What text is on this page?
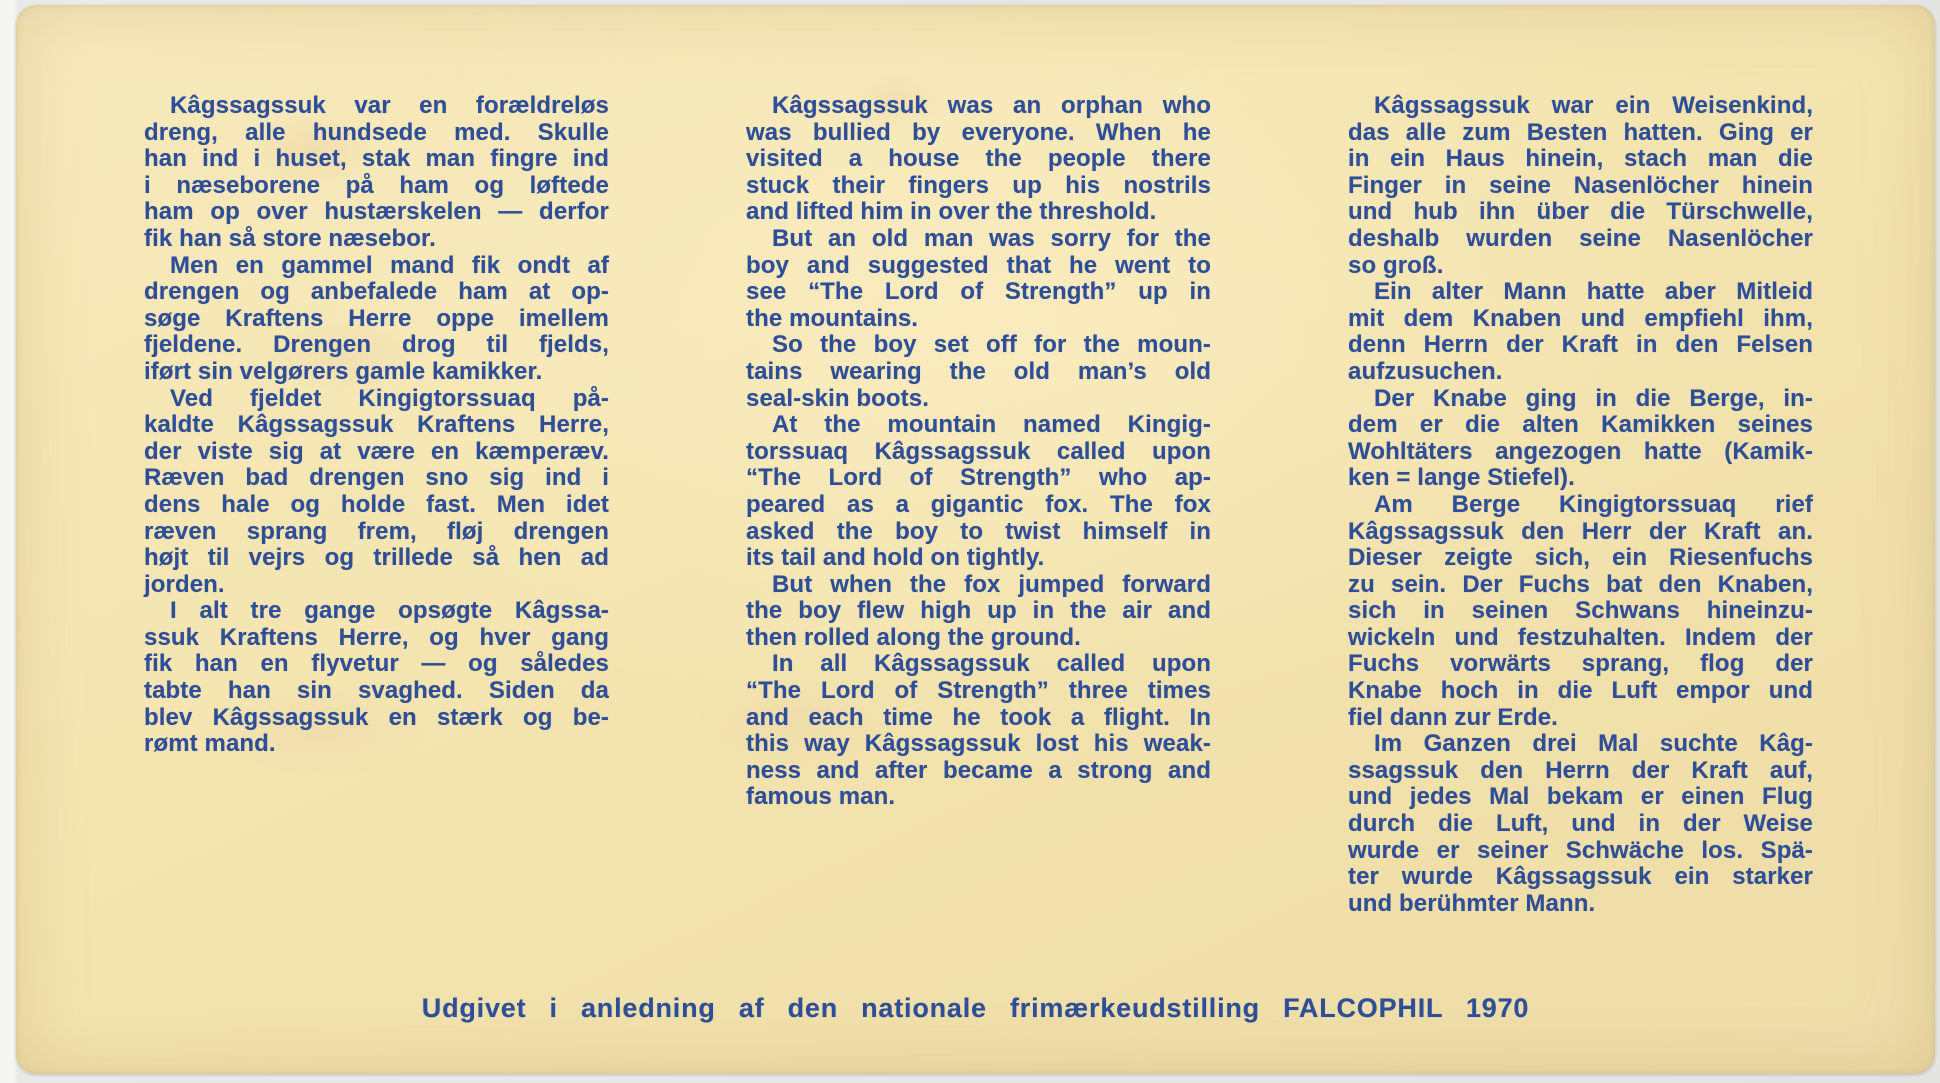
Kâgssagssuk var en forældreløs
dreng, alle hundsede med. Skulle
han ind i huset, stak man fingre ind
i næseborene på ham og løftede
ham op over hustærskelen — derfor
fik han så store næsebor.
Men en gammel mand fik ondt af
drengen og anbefalede ham at op-
søge Kraftens Herre oppe imellem
fjeldene. Drengen drog til fjelds,
iført sin velgørers gamle kamikker.
Ved fjeldet Kingigtorssuaq på-
kaldte Kâgssagssuk Kraftens Herre,
der viste sig at være en kæmperæv.
Ræven bad drengen sno sig ind i
dens hale og holde fast. Men idet
ræven sprang frem, fløj drengen
højt til vejrs og trillede så hen ad
jorden.
I alt tre gange opsøgte Kâgssa-
ssuk Kraftens Herre, og hver gang
fik han en flyvetur — og således
tabte han sin svaghed. Siden da
blev Kâgssagssuk en stærk og be-
rømt mand.
Kâgssagssuk was an orphan who
was bullied by everyone. When he
visited a house the people there
stuck their fingers up his nostrils
and lifted him in over the threshold.
But an old man was sorry for the
boy and suggested that he went to
see “The Lord of Strength” up in
the mountains.
So the boy set off for the moun-
tains wearing the old man’s old
seal-skin boots.
At the mountain named Kingig-
torssuaq Kâgssagssuk called upon
“The Lord of Strength” who ap-
peared as a gigantic fox. The fox
asked the boy to twist himself in
its tail and hold on tightly.
But when the fox jumped forward
the boy flew high up in the air and
then rolled along the ground.
In all Kâgssagssuk called upon
“The Lord of Strength” three times
and each time he took a flight. In
this way Kâgssagssuk lost his weak-
ness and after became a strong and
famous man.
Kâgssagssuk war ein Weisenkind,
das alle zum Besten hatten. Ging er
in ein Haus hinein, stach man die
Finger in seine Nasenlöcher hinein
und hub ihn über die Türschwelle,
deshalb wurden seine Nasenlöcher
so groß.
Ein alter Mann hatte aber Mitleid
mit dem Knaben und empfiehl ihm,
denn Herrn der Kraft in den Felsen
aufzusuchen.
Der Knabe ging in die Berge, in-
dem er die alten Kamikken seines
Wohltäters angezogen hatte (Kamik-
ken = lange Stiefel).
Am Berge Kingigtorssuaq rief
Kâgssagssuk den Herr der Kraft an.
Dieser zeigte sich, ein Riesenfuchs
zu sein. Der Fuchs bat den Knaben,
sich in seinen Schwans hineinzu-
wickeln und festzuhalten. Indem der
Fuchs vorwärts sprang, flog der
Knabe hoch in die Luft empor und
fiel dann zur Erde.
Im Ganzen drei Mal suchte Kâg-
ssagssuk den Herrn der Kraft auf,
und jedes Mal bekam er einen Flug
durch die Luft, und in der Weise
wurde er seiner Schwäche los. Spä-
ter wurde Kâgssagssuk ein starker
und berühmter Mann.
Udgivet i anledning af den nationale frimærkeudstilling FALCOPHIL 1970
